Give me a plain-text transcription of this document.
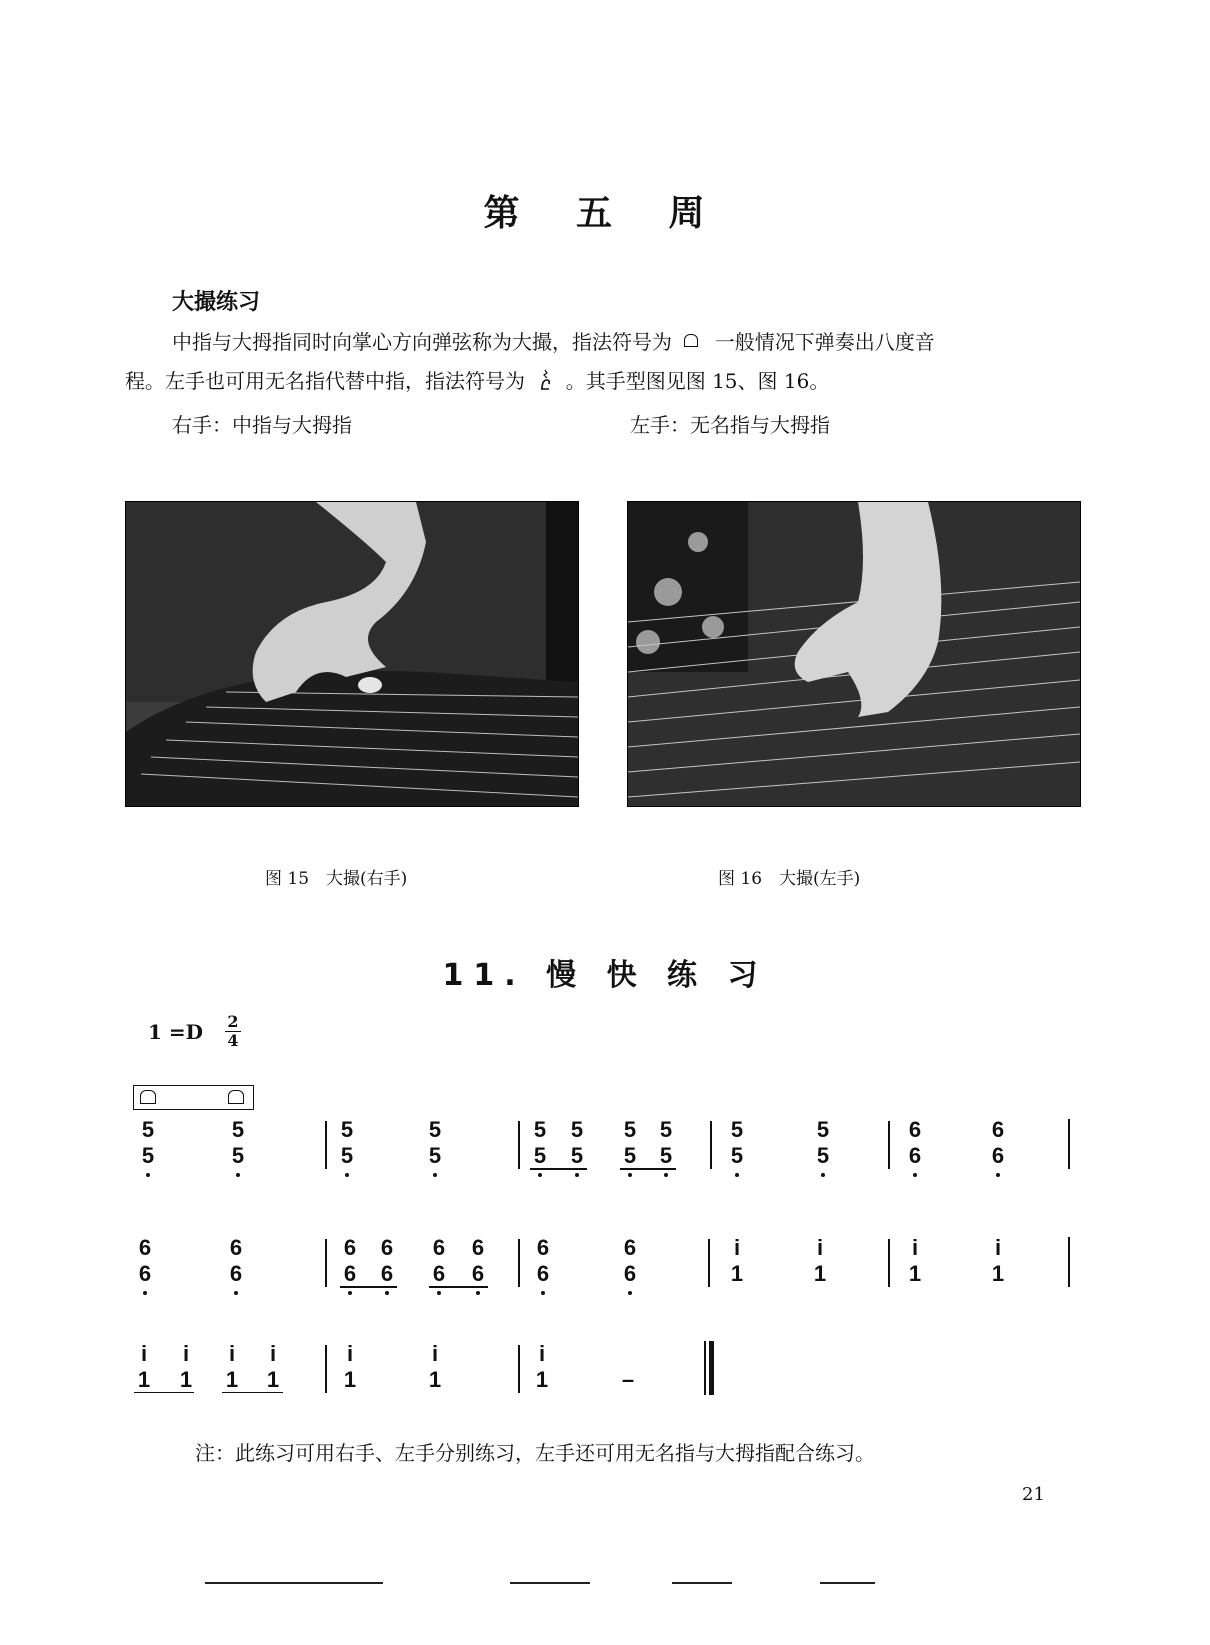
第 五 周
大撮练习
中指与大拇指同时向掌心方向弹弦称为大撮，指法符号为 一般情况下弹奏出八度音
程。左手也可用无名指代替中指，指法符号为 。其手型图见图 15、图 16。
右手：中指与大拇指	左手：无名指与大拇指
图 15　大撮(右手)	图 16　大撮(左手)
11. 慢 快 练 习
1 =D 2
4
5	5	5	5	5 5 5 5	5	5	6	6
5	5	5	5	5 5 5 5	5	5	6	6
6	6	6 6 6 6 6	6	i	i	i	i
6	6	6 6 6 6 6	6	1	1	1	1
i	i	i	i	i	i	i
1 1 1 1	1	1	1	–
注：此练习可用右手、左手分别练习，左手还可用无名指与大拇指配合练习。
21
